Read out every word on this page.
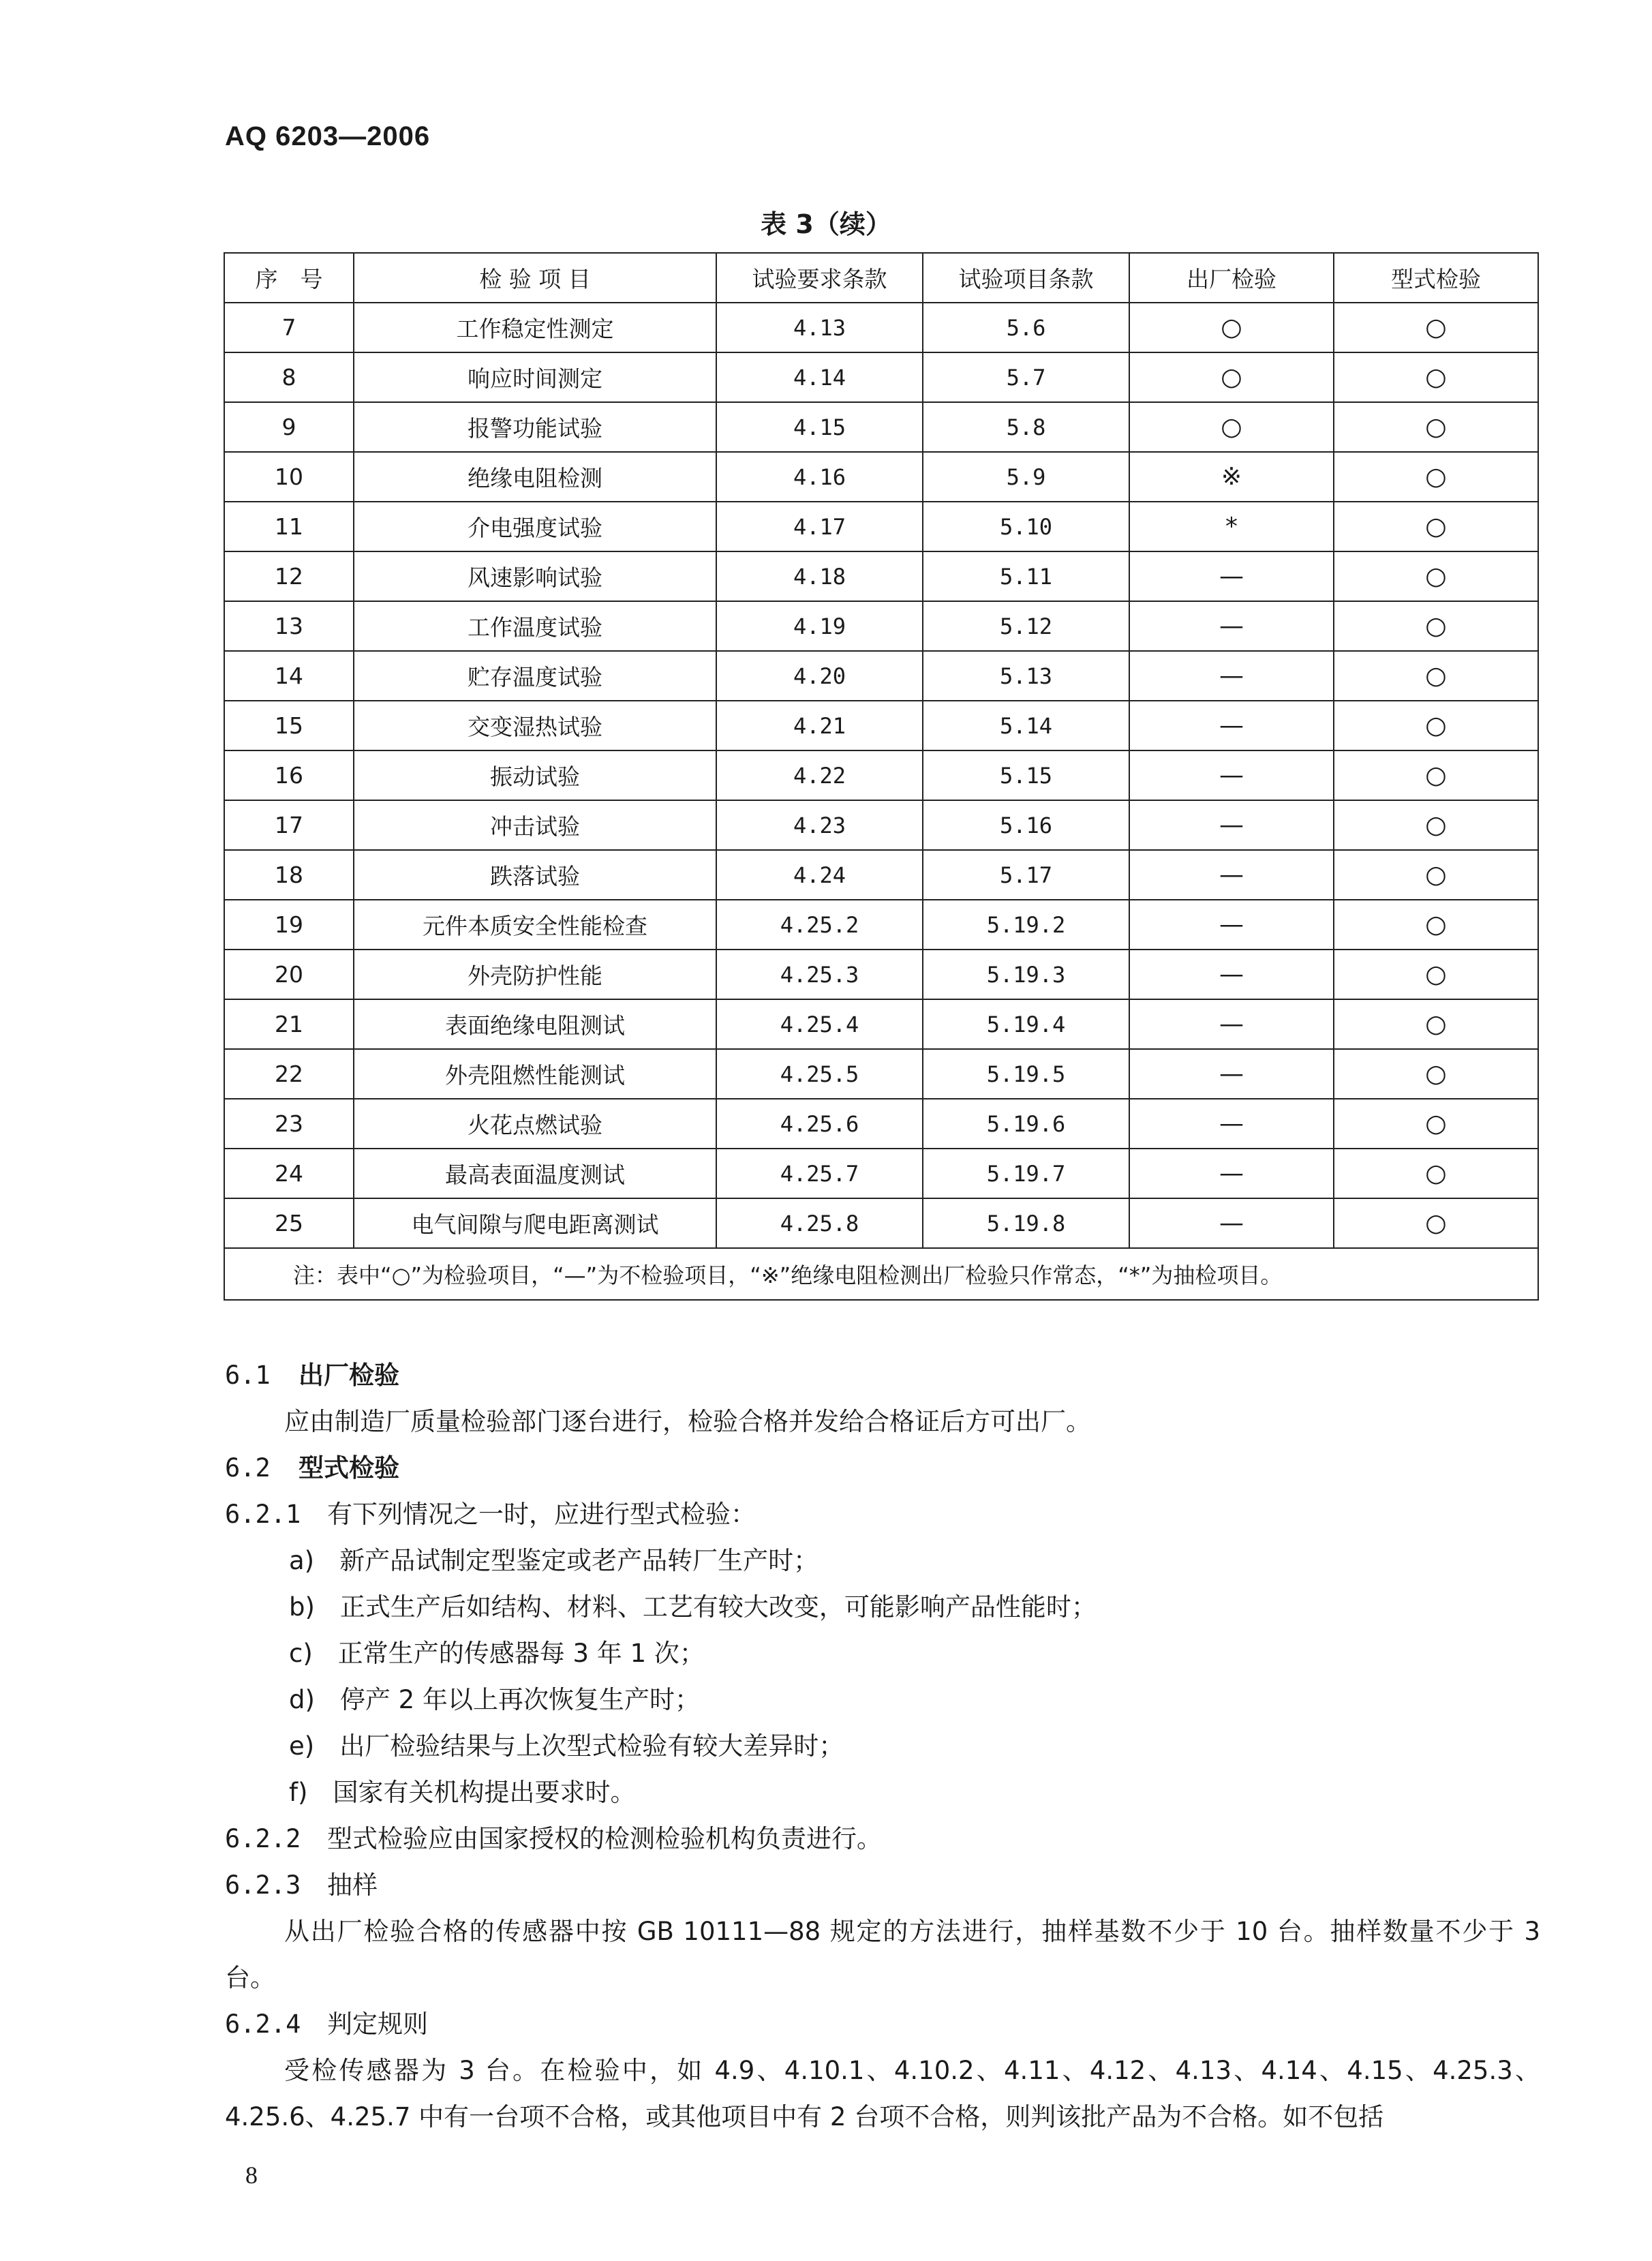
AQ 6203—2006
表 3（续）
序　号	检 验 项 目	试验要求条款	试验项目条款	出厂检验	型式检验
7	工作稳定性测定	4.13	5.6	○	○
8	响应时间测定	4.14	5.7	○	○
9	报警功能试验	4.15	5.8	○	○
10	绝缘电阻检测	4.16	5.9	※	○
11	介电强度试验	4.17	5.10	*	○
12	风速影响试验	4.18	5.11	—	○
13	工作温度试验	4.19	5.12	—	○
14	贮存温度试验	4.20	5.13	—	○
15	交变湿热试验	4.21	5.14	—	○
16	振动试验	4.22	5.15	—	○
17	冲击试验	4.23	5.16	—	○
18	跌落试验	4.24	5.17	—	○
19	元件本质安全性能检查	4.25.2	5.19.2	—	○
20	外壳防护性能	4.25.3	5.19.3	—	○
21	表面绝缘电阻测试	4.25.4	5.19.4	—	○
22	外壳阻燃性能测试	4.25.5	5.19.5	—	○
23	火花点燃试验	4.25.6	5.19.6	—	○
24	最高表面温度测试	4.25.7	5.19.7	—	○
25	电气间隙与爬电距离测试	4.25.8	5.19.8	—	○
注：表中“○”为检验项目，“—”为不检验项目，“※”绝缘电阻检测出厂检验只作常态，“*”为抽检项目。					
6.1 出厂检验
应由制造厂质量检验部门逐台进行，检验合格并发给合格证后方可出厂。
6.2 型式检验
6.2.1 有下列情况之一时，应进行型式检验：
a)　新产品试制定型鉴定或老产品转厂生产时；
b)　正式生产后如结构、材料、工艺有较大改变，可能影响产品性能时；
c)　正常生产的传感器每 3 年 1 次；
d)　停产 2 年以上再次恢复生产时；
e)　出厂检验结果与上次型式检验有较大差异时；
f)　国家有关机构提出要求时。
6.2.2 型式检验应由国家授权的检测检验机构负责进行。
6.2.3 抽样
从出厂检验合格的传感器中按 GB 10111—88 规定的方法进行，抽样基数不少于 10 台。抽样数量不少于 3 台。
6.2.4 判定规则
受检传感器为 3 台。在检验中，如 4.9、4.10.1、4.10.2、4.11、4.12、4.13、4.14、4.15、4.25.3、4.25.6、4.25.7 中有一台项不合格，或其他项目中有 2 台项不合格，则判该批产品为不合格。如不包括
8
